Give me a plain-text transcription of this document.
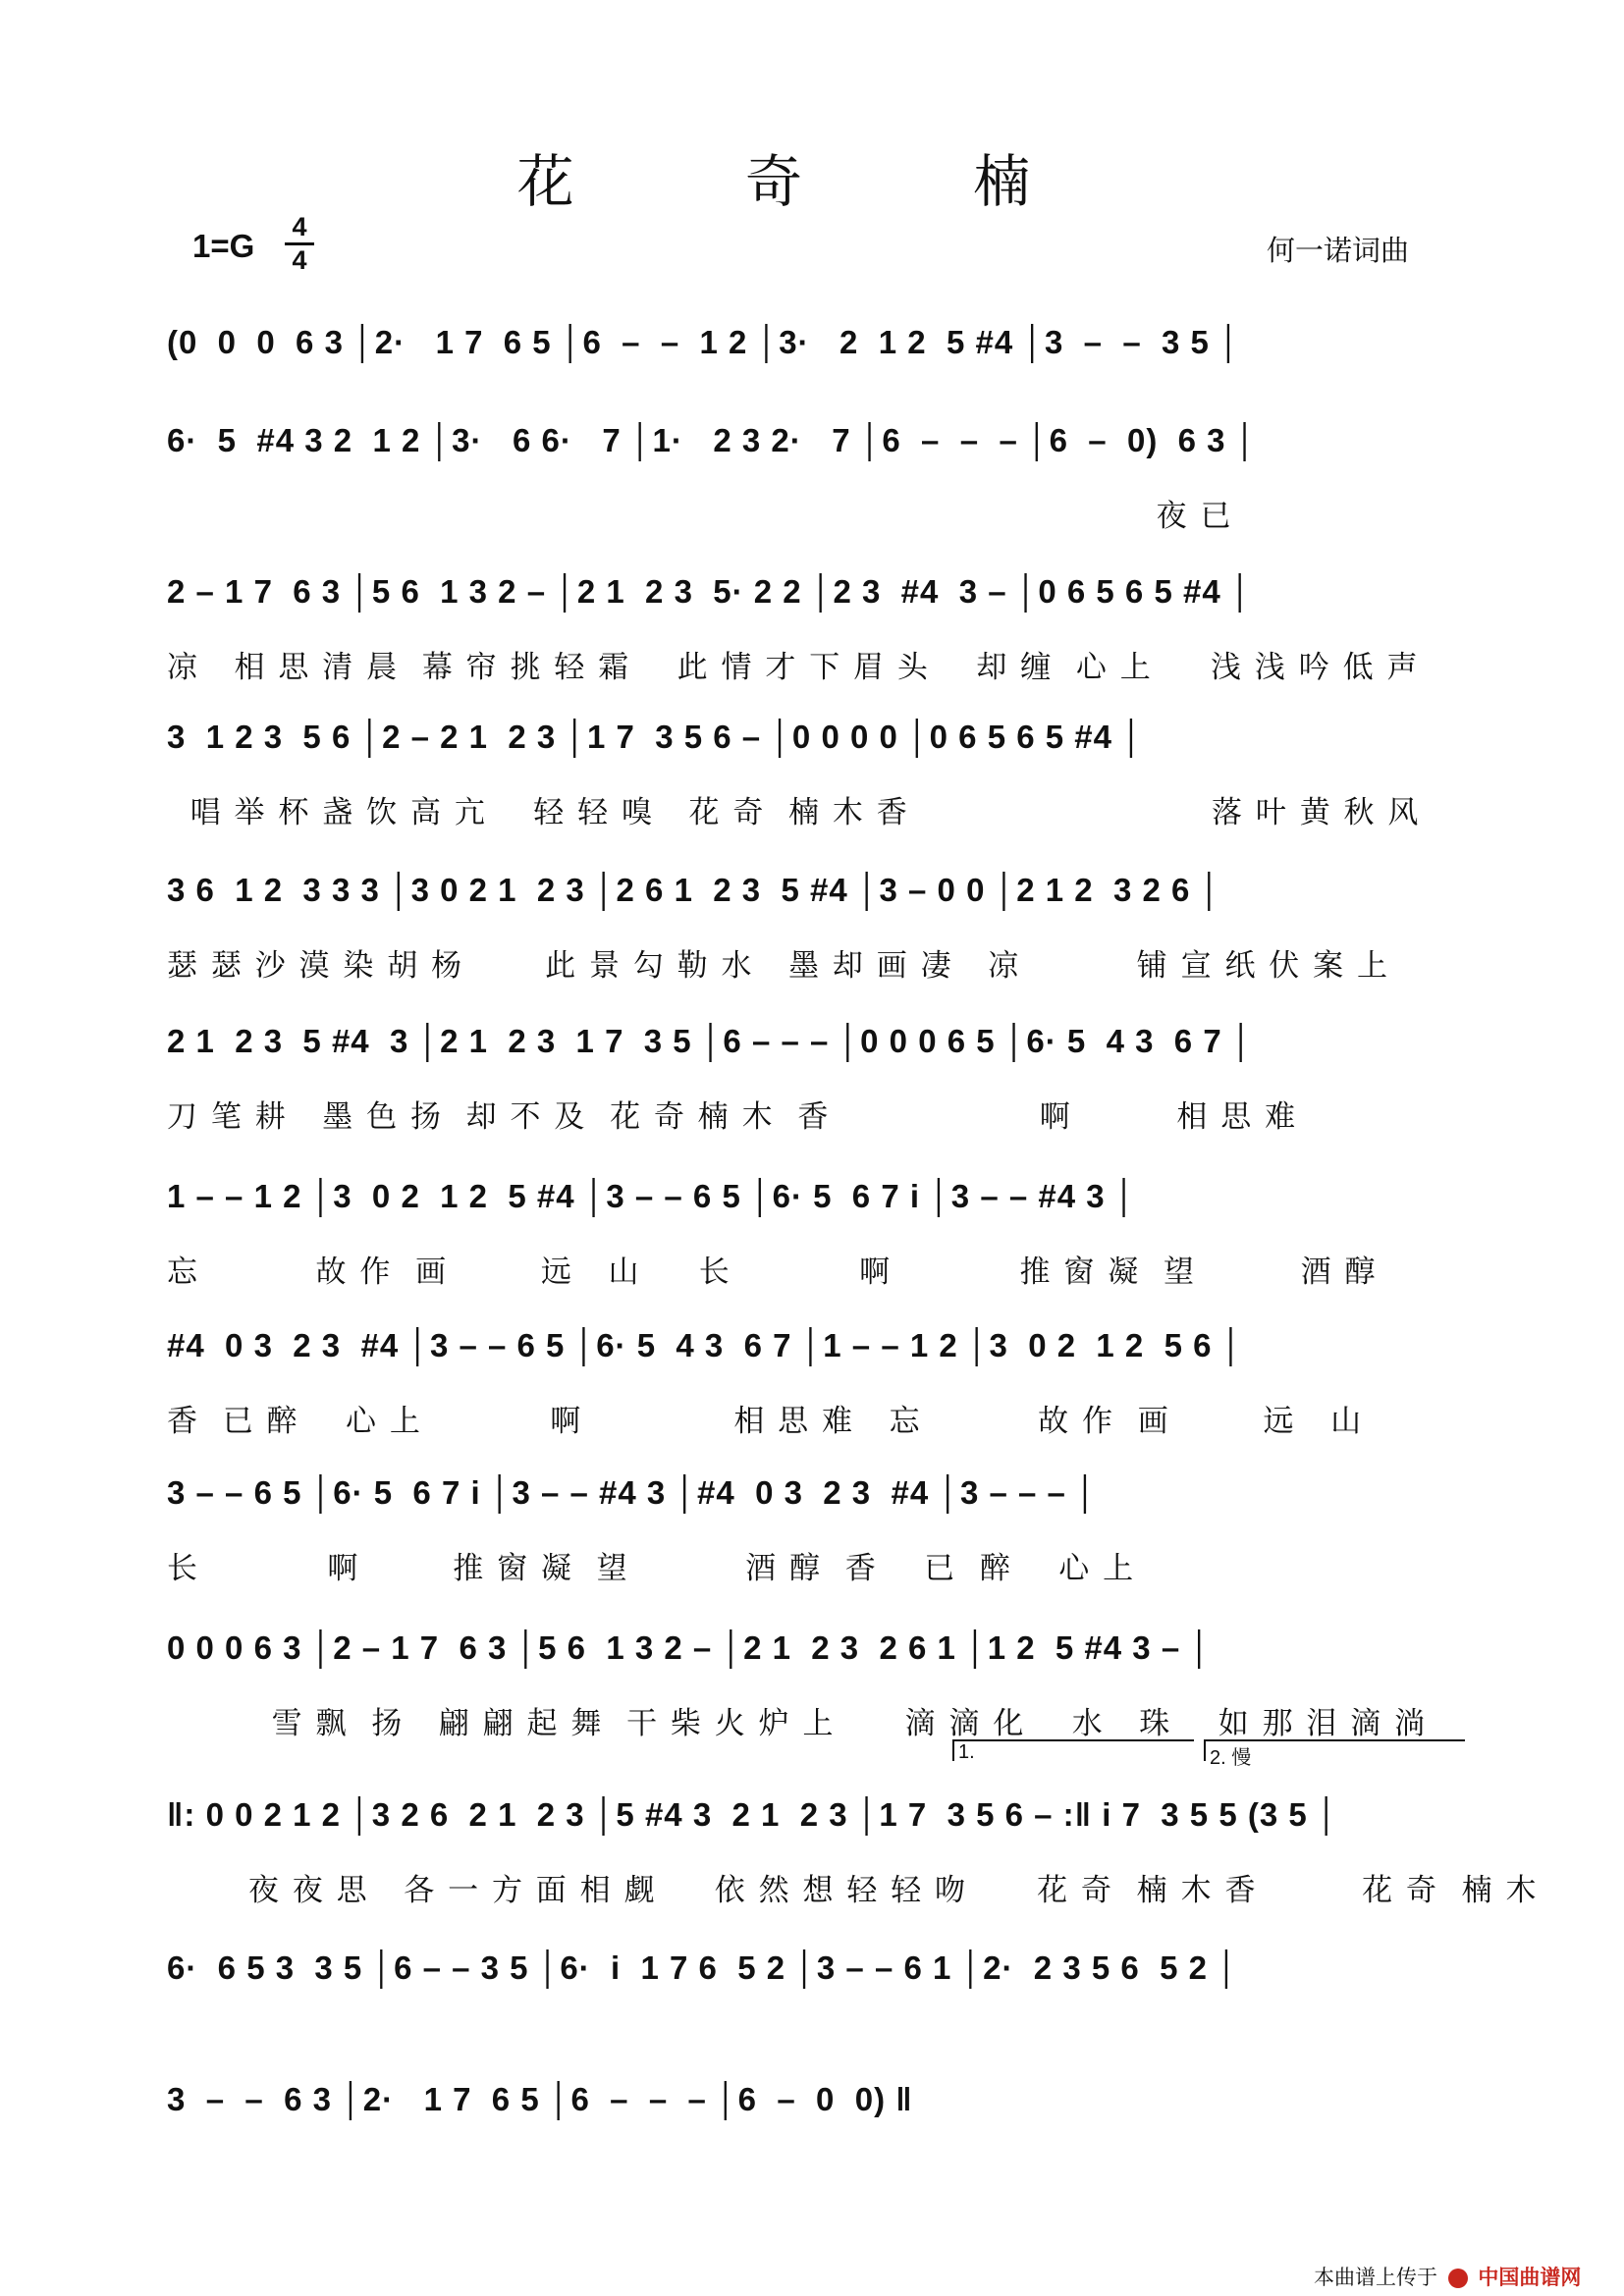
花 奇 楠
1=G
4
4	何一诺词曲
(0  0  0  6 3 │2·   1 7  6 5 │6  –  –  1 2 │3·   2  1 2  5 #4 │3  –  –  3 5 │
6·  5  #4 3 2  1 2 │3·   6 6·   7 │1·   2 3 2·   7 │6  –  –  – │6  –  0)  6 3 │
夜 已
2 – 1 7  6 3 │5 6  1 3 2 – │2 1  2 3  5· 2 2 │2 3  #4  3 – │0 6 5 6 5 #4 │
凉   相 思 清 晨  幕 帘 挑 轻 霜    此 情 才 下 眉 头    却 缠  心 上     浅 浅 吟 低 声
3  1 2 3  5 6 │2 – 2 1  2 3 │1 7  3 5 6 – │0 0 0 0 │0 6 5 6 5 #4 │
唱 举 杯 盏 饮 高 亢    轻 轻 嗅   花 奇  楠 木 香                          落 叶 黄 秋 风
3 6  1 2  3 3 3 │3 0 2 1  2 3 │2 6 1  2 3  5 #4 │3 – 0 0 │2 1 2  3 2 6 │
瑟 瑟 沙 漠 染 胡 杨       此 景 勾 勒 水   墨 却 画 凄   凉          铺 宣 纸 伏 案 上
2 1  2 3  5 #4  3 │2 1  2 3  1 7  3 5 │6 – – – │0 0 0 6 5 │6· 5  4 3  6 7 │
刀 笔 耕   墨 色 扬  却 不 及  花 奇 楠 木  香                  啊         相 思 难
1 – – 1 2 │3  0 2  1 2  5 #4 │3 – – 6 5 │6· 5  6 7 i │3 – – #4 3 │
忘          故 作  画        远   山     长           啊           推 窗 凝  望         酒 醇
#4  0 3  2 3  #4 │3 – – 6 5 │6· 5  4 3  6 7 │1 – – 1 2 │3  0 2  1 2  5 6 │
香  已 醉    心 上           啊             相 思 难   忘          故 作  画        远   山
3 – – 6 5 │6· 5  6 7 i │3 – – #4 3 │#4  0 3  2 3  #4 │3 – – – │
长           啊        推 窗 凝  望          酒 醇  香    已  醉    心 上
0 0 0 6 3 │2 – 1 7  6 3 │5 6  1 3 2 – │2 1  2 3  2 6 1 │1 2  5 #4 3 – │
雪 飘  扬   翩 翩 起 舞  干 柴 火 炉 上      滴 滴 化    水   珠    如 那 泪 滴 淌
1.	2. 慢
‖: 0 0 2 1 2 │3 2 6  2 1  2 3 │5 #4 3  2 1  2 3 │1 7  3 5 6 – :‖ i 7  3 5 5 (3 5 │
夜 夜 思   各 一 方 面 相 觑     依 然 想 轻 轻 吻      花 奇  楠 木 香         花 奇  楠 木
6·  6 5 3  3 5 │6 – – 3 5 │6·  i  1 7 6  5 2 │3 – – 6 1 │2·  2 3 5 6  5 2 │
3  –  –  6 3 │2·   1 7  6 5 │6  –  –  – │6  –  0  0) ‖
本曲谱上传于 中国曲谱网
